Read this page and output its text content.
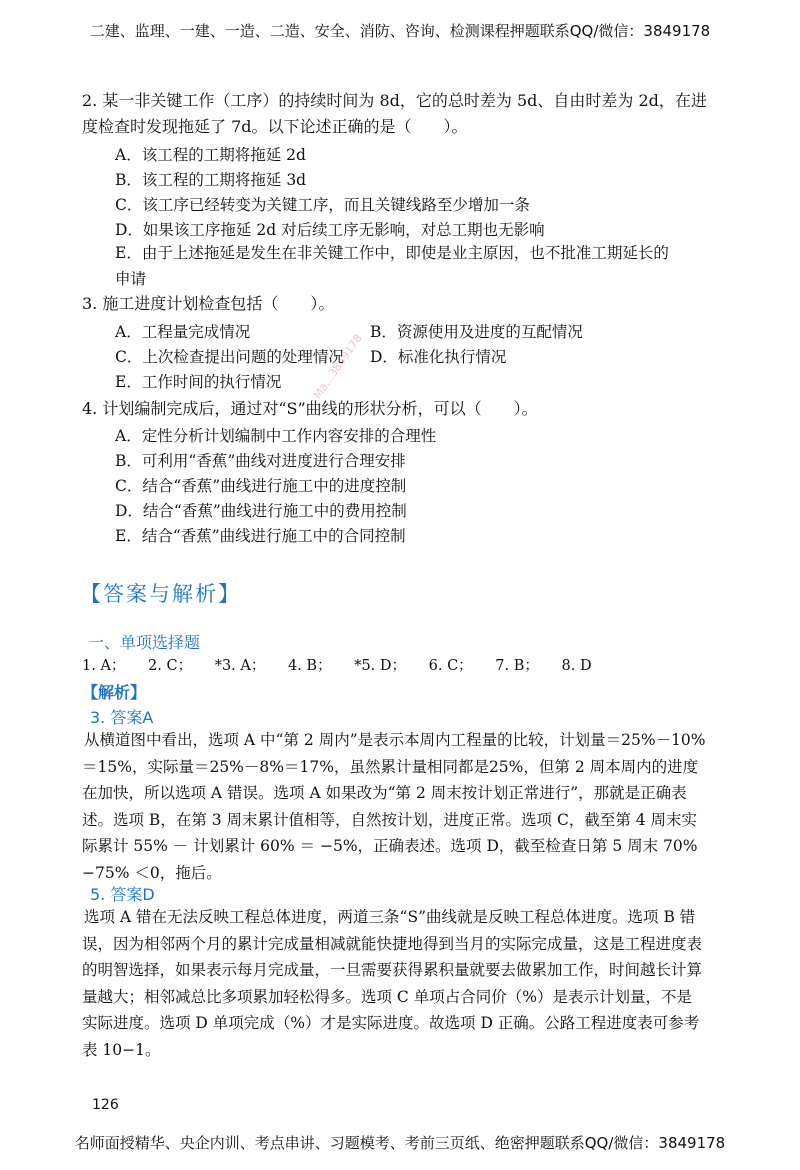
二建、监理、一建、一造、二造、安全、消防、咨询、检测课程押题联系QQ/微信：3849178
2. 某一非关键工作（工序）的持续时间为 8d，它的总时差为 5d、自由时差为 2d，在进度检查时发现拖延了 7d。以下论述正确的是（　　）。
A．该工程的工期将拖延 2d
B．该工程的工期将拖延 3d
C．该工序已经转变为关键工序，而且关键线路至少增加一条
D．如果该工序拖延 2d 对后续工序无影响，对总工期也无影响
E．由于上述拖延是发生在非关键工作中，即使是业主原因，也不批准工期延长的申请
3. 施工进度计划检查包括（　　）。
A．工程量完成情况	B．资源使用及进度的互配情况
C．上次检查提出问题的处理情况 D．标准化执行情况
E．工作时间的执行情况
4. 计划编制完成后，通过对“S”曲线的形状分析，可以（　　）。
A．定性分析计划编制中工作内容安排的合理性
B．可利用“香蕉”曲线对进度进行合理安排
C．结合“香蕉”曲线进行施工中的进度控制
D．结合“香蕉”曲线进行施工中的费用控制
E．结合“香蕉”曲线进行施工中的合同控制
【答案与解析】
一、单项选择题
1. A； 2. C； *3. A； 4. B； *5. D； 6. C； 7. B； 8. D
【解析】
3. 答案A
从横道图中看出，选项 A 中“第 2 周内”是表示本周内工程量的比较，计划量＝25%－10%＝15%，实际量＝25%－8%＝17%，虽然累计量相同都是25%，但第 2 周本周内的进度在加快，所以选项 A 错误。选项 A 如果改为“第 2 周末按计划正常进行”，那就是正确表述。选项 B，在第 3 周末累计值相等，自然按计划，进度正常。选项 C，截至第 4 周末实际累计 55% － 计划累计 60% ＝ −5%，正确表述。选项 D，截至检查日第 5 周末 70%−75% ＜0，拖后。
5. 答案D
选项 A 错在无法反映工程总体进度，两道三条“S”曲线就是反映工程总体进度。选项 B 错误，因为相邻两个月的累计完成量相减就能快捷地得到当月的实际完成量，这是工程进度表的明智选择，如果表示每月完成量，一旦需要获得累积量就要去做累加工作，时间越长计算量越大；相邻减总比多项累加轻松得多。选项 C 单项占合同价（%）是表示计划量，不是实际进度。选项 D 单项完成（%）才是实际进度。故选项 D 正确。公路工程进度表可参考表 10−1。
126
Ma...3849178
名师面授精华、央企内训、考点串讲、习题模考、考前三页纸、绝密押题联系QQ/微信：3849178
